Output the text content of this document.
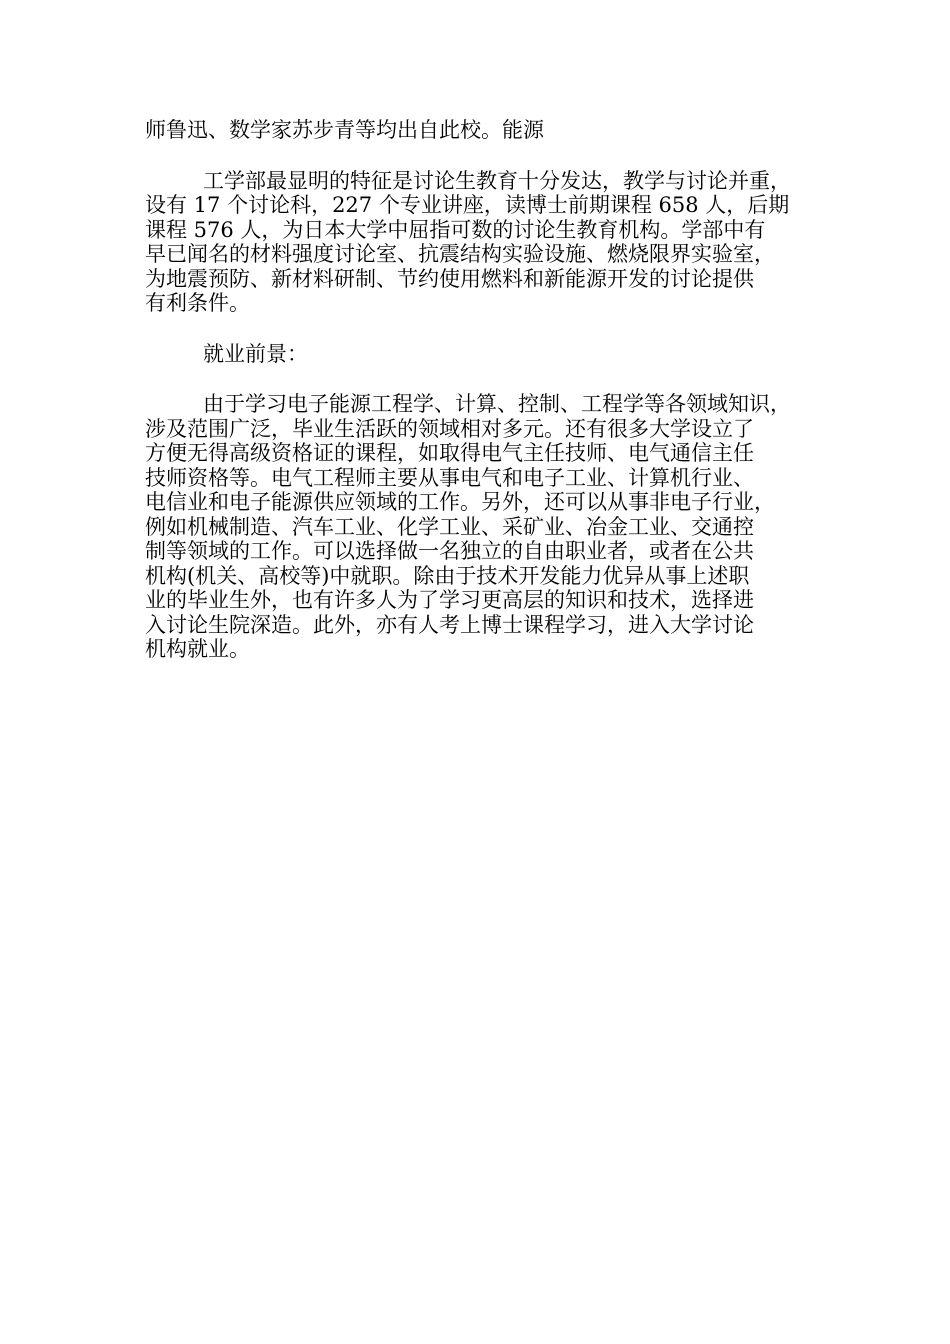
师鲁迅、数学家苏步青等均出自此校。能源
工学部最显明的特征是讨论生教育十分发达，教学与讨论并重，
设有 17 个讨论科，227 个专业讲座，读博士前期课程 658 人，后期
课程 576 人，为日本大学中屈指可数的讨论生教育机构。学部中有
早已闻名的材料强度讨论室、抗震结构实验设施、燃烧限界实验室，
为地震预防、新材料研制、节约使用燃料和新能源开发的讨论提供
有利条件。
就业前景：
由于学习电子能源工程学、计算、控制、工程学等各领域知识，
涉及范围广泛，毕业生活跃的领域相对多元。还有很多大学设立了
方便无得高级资格证的课程，如取得电气主任技师、电气通信主任
技师资格等。电气工程师主要从事电气和电子工业、计算机行业、
电信业和电子能源供应领域的工作。另外，还可以从事非电子行业，
例如机械制造、汽车工业、化学工业、采矿业、冶金工业、交通控
制等领域的工作。可以选择做一名独立的自由职业者，或者在公共
机构(机关、高校等)中就职。除由于技术开发能力优异从事上述职
业的毕业生外，也有许多人为了学习更高层的知识和技术，选择进
入讨论生院深造。此外，亦有人考上博士课程学习，进入大学讨论
机构就业。
